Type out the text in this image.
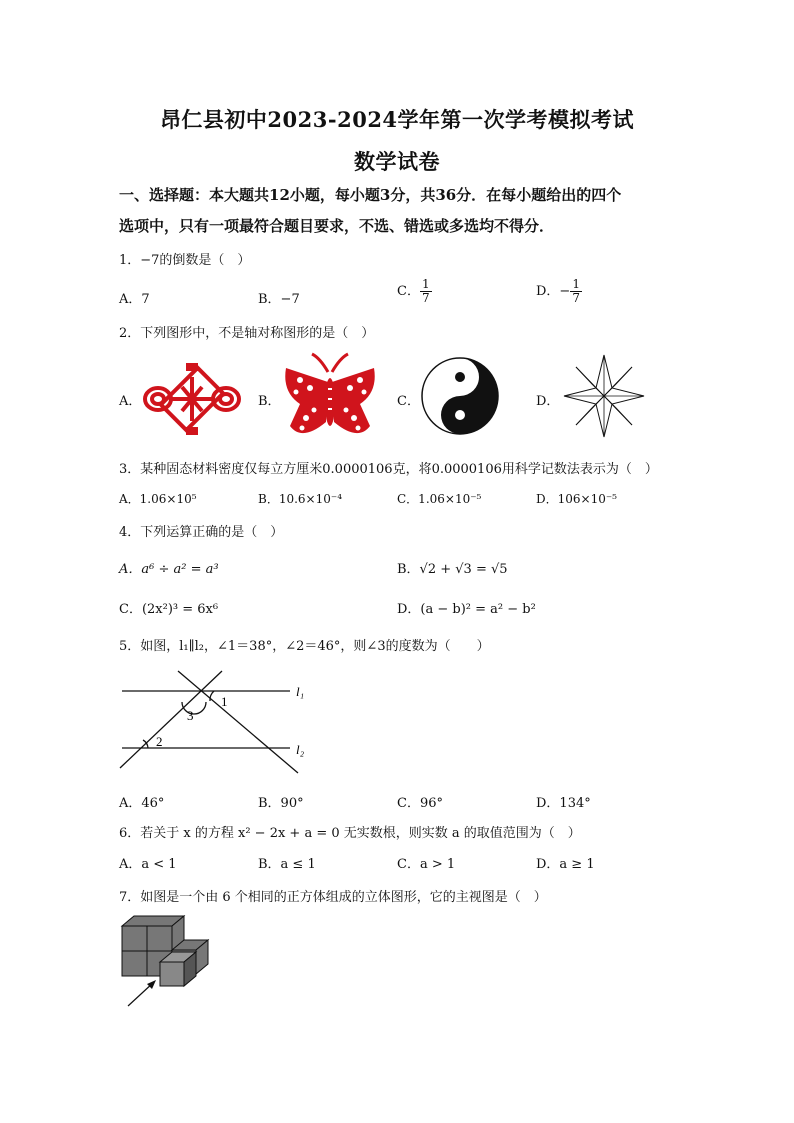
昂仁县初中2023-2024学年第一次学考模拟考试
数学试卷
一、选择题：本大题共12小题，每小题3分，共36分．在每小题给出的四个
选项中，只有一项最符合题目要求，不选、错选或多选均不得分．
1．−7的倒数是（　）
A．7	B．−7
C． $\frac{1}{7}$	D．− $\frac{1}{7}$
2．下列图形中，不是轴对称图形的是（　）
A．	B．	C．	D．
3．某种固态材料密度仅每立方厘米0.0000106克，将0.0000106用科学记数法表示为（　）
A．1.06×10⁵	B．10.6×10⁻⁴	C．1.06×10⁻⁵	D．106×10⁻⁵
4．下列运算正确的是（　）
A．a⁶ ÷ a² = a³	B．√2 + √3 = √5
C．(2x²)³ = 6x⁶	D．(a − b)² = a² − b²
5．如图，l₁∥l₂，∠1＝38°，∠2＝46°，则∠3的度数为（　　）
l₁
l₂
1
2
3
A．46°	B．90°	C．96°	D．134°
6．若关于 x 的方程 x² − 2x + a = 0 无实数根，则实数 a 的取值范围为（　）
A．a < 1	B．a ≤ 1	C．a > 1	D．a ≥ 1
7．如图是一个由 6 个相同的正方体组成的立体图形，它的主视图是（　）
